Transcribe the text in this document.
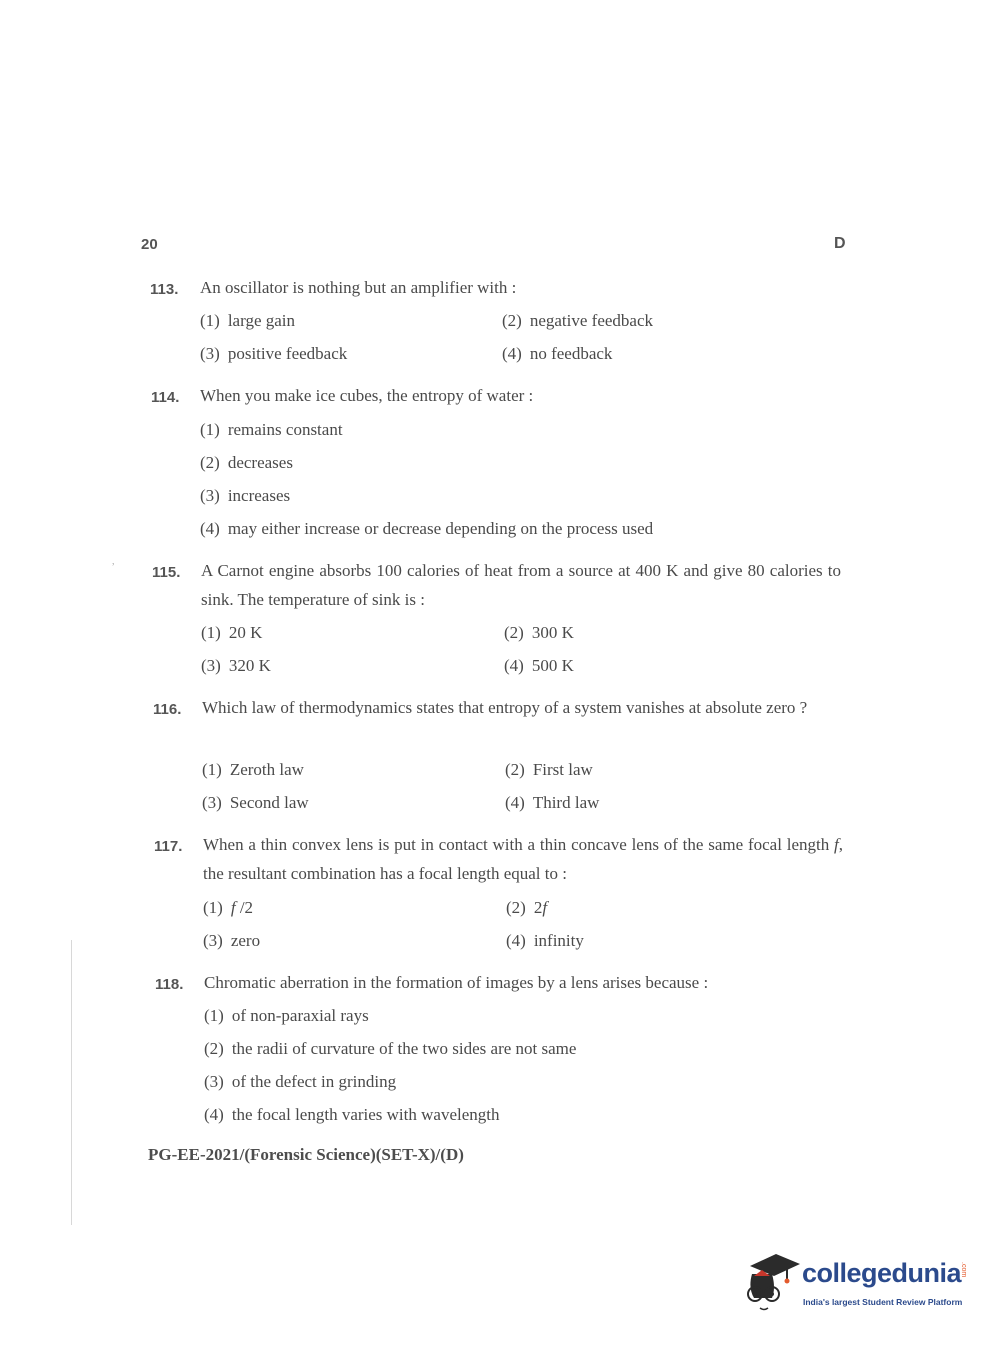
20	D
,
113. An oscillator is nothing but an amplifier with :
(1) large gain	(2) negative feedback
(3) positive feedback	(4) no feedback
114. When you make ice cubes, the entropy of water :
(1) remains constant
(2) decreases
(3) increases
(4) may either increase or decrease depending on the process used
115. A Carnot engine absorbs 100 calories of heat from a source at 400 K and give 80 calories to sink. The temperature of sink is :
(1) 20 K	(2) 300 K
(3) 320 K	(4) 500 K
116. Which law of thermodynamics states that entropy of a system vanishes at absolute zero ?
(1) Zeroth law	(2) First law
(3) Second law	(4) Third law
117. When a thin convex lens is put in contact with a thin concave lens of the same focal length f, the resultant combination has a focal length equal to :
(1) f /2	(2) 2f
(3) zero	(4) infinity
118. Chromatic aberration in the formation of images by a lens arises because :
(1) of non-paraxial rays
(2) the radii of curvature of the two sides are not same
(3) of the defect in grinding
(4) the focal length varies with wavelength
PG-EE-2021/(Forensic Science)(SET-X)/(D)
collegedunia
.com
India's largest Student Review Platform
